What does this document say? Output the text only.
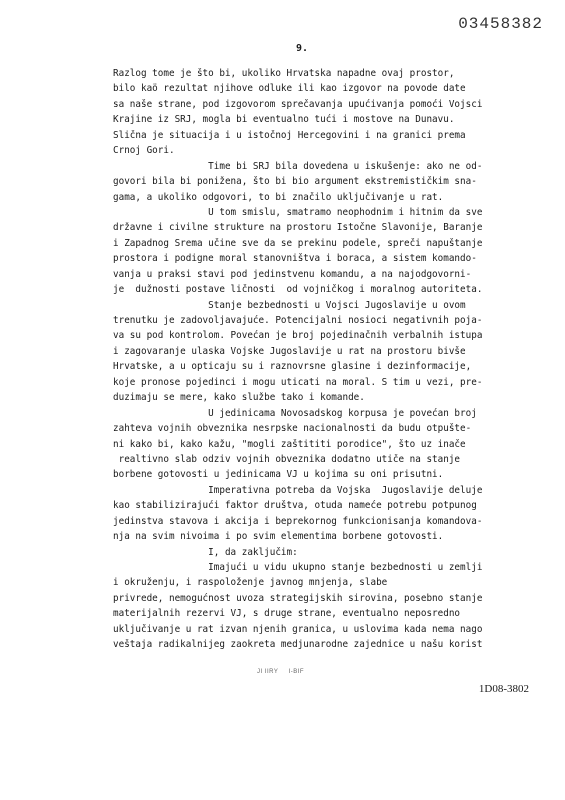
03458382
9.
Razlog tome je što bi, ukoliko Hrvatska napadne ovaj prostor,
bilo kaö rezultat njihove odluke ili kao izgovor na povode date
sa naše strane, pod izgovorom sprečavanja upućivanja pomoći Vojsci
Krajine iz SRJ, mogla bi eventualno tući i mostove na Dunavu.
Slična je situacija i u istočnoj Hercegovini i na granici prema
Crnoj Gori.
Time bi SRJ bila dovedena u iskušenje: ako ne od-
govori bila bi ponižena, što bi bio argument ekstremističkim sna-
gama, a ukoliko odgovori, to bi značilo uključivanje u rat.
U tom smislu, smatramo neophodnim i hitnim da sve
državne i civilne strukture na prostoru Istočne Slavonije, Baranje
i Zapadnog Srema učine sve da se prekinu podele, spreči napuštanje
prostora i podigne moral stanovništva i boraca, a sistem komando-
vanja u praksi stavi pod jedinstvenu komandu, a na najodgovorni-
je  dužnosti postave ličnosti  od vojničkog i moralnog autoriteta.
Stanje bezbednosti u Vojsci Jugoslavije u ovom
trenutku je zadovoljavajuće. Potencijalni nosioci negativnih poja-
va su pod kontrolom. Povećan je broj pojedinačnih verbalnih istupa
i zagovaranje ulaska Vojske Jugoslavije u rat na prostoru bivše
Hrvatske, a u opticaju su i raznovrsne glasine i dezinformacije,
koje pronose pojedinci i mogu uticati na moral. S tim u vezi, pre-
duzimaju se mere, kako službe tako i komande.
U jedinicama Novosadskog korpusa je povećan broj
zahteva vojnih obveznika nesrpske nacionalnosti da budu otpušte-
ni kako bi, kako kažu, "mogli zaštititi porodice", što uz inače
realtivno slab odziv vojnih obveznika dodatno utiče na stanje
borbene gotovosti u jedinicama VJ u kojima su oni prisutni.
Imperativna potreba da Vojska  Jugoslavije deluje
kao stabilizirajući faktor društva, otuda nameće potrebu potpunog
jedinstva stavova i akcija i beprekornog funkcionisanja komandova-
nja na svim nivoima i po svim elementima borbene gotovosti.
I, da zaključim:
Imajući u vidu ukupno stanje bezbednosti u zemlji
i okruženju, i raspoloženje javnog mnjenja, slabe
privrede, nemogućnost uvoza strategijskih sirovina, posebno stanje
materijalnih rezervi VJ, s druge strane, eventualno neposredno
uključivanje u rat izvan njenih granica, u uslovima kada nema nago
veštaja radikalnijeg zaokreta medjunarodne zajednice u našu korist
JI IIRY I-BIF
1D08-3802
